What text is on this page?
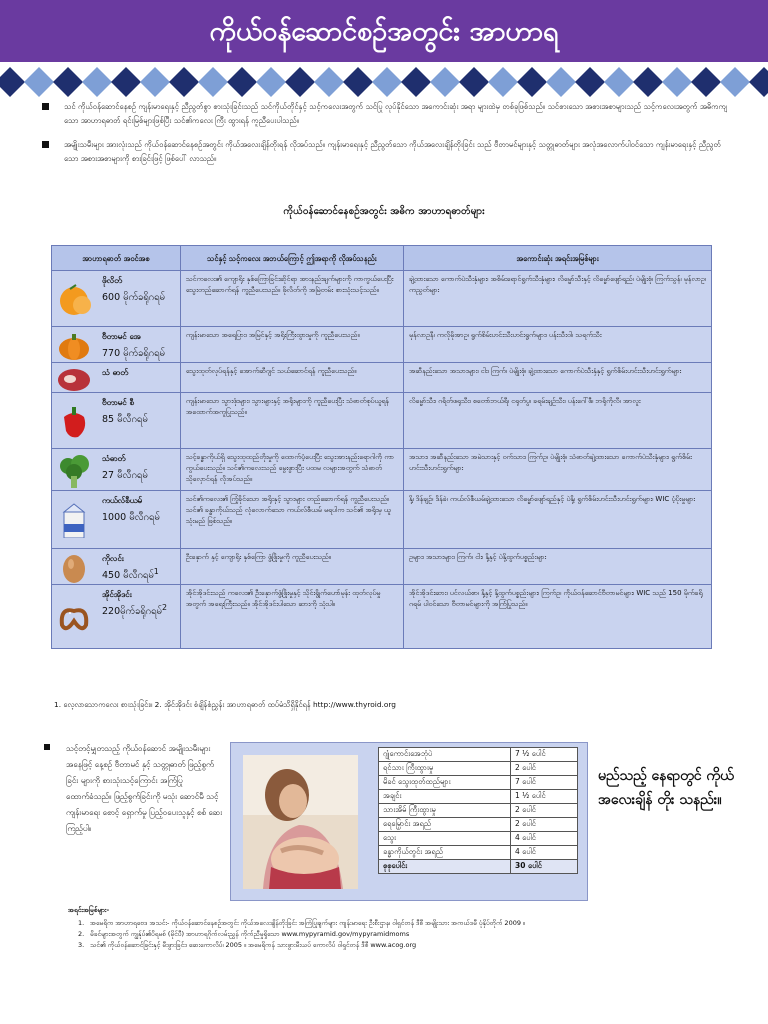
ကိုယ်ဝန်ဆောင်စဉ်အတွင်း အာဟာရ
သင် ကိုယ်ဝန်ဆောင်နေစဉ် ကျန်းမာရေးနှင့် ညီညွတ်စွာ စားသုံးခြင်းသည် သင်ကိုယ်တိုင်နှင့် သင့်ကလေးအတွက် သင်ပြု လုပ်နိုင်သော အကောင်းဆုံး အရာ များထဲမှ တစ်ခုဖြစ်သည်။ သင်စားသော အစားအစာများသည် သင့်ကလေးအတွက် အဓိကကျသော အာဟာရဓာတ် ရင်းမြစ်များဖြစ်ပြီး သင်၏ကလေး ကြီး ထွားရန် ကူညီပေးပါသည်။
အမျိုးသမီးများ အားလုံးသည် ကိုယ်ဝန်ဆောင်နေစဉ်အတွင်း ကိုယ်အလေးချိန်တိုးရန် လိုအပ်သည်။ ကျန်းမာရေးနှင့် ညီညွတ်သော ကိုယ်အလေးချိန်တိုးခြင်း သည် ဗီတာမင်များနှင့် သတ္တုဓာတ်များ အလုံအလောက်ပါဝင်သော ကျန်းမာရေးနှင့် ညီညွတ်သော အစားအစာများကို စားခြင်းဖြင့် ဖြစ်ပေါ် လာသည်။
ကိုယ်ဝန်ဆောင်နေစဉ်အတွင်း အဓိက အာဟာရဓာတ်များ
အာဟာရဓာတ် အဝင်အစ	သင်နှင့် သင့်ကလေး အဘယ်ကြောင့် ဤအရာကို လိုအပ်သနည်း	အကောင်းဆုံး အရင်းအမြစ်များ

ဖိုလိတ်
600 မိုက်ခရိုဂရမ်	သင်ကလေး၏ ကျောရိုး နှစ်ကြောခြင်းဆိုင်ရာ အားနည်းချက်များကို ကာကွယ်ပေးပြီး သွေးတည်ဆောက်ရန် ကူညီပေးသည်။ ဖိုလိတ်ကို အမြဲတမ်း စားသုံးသင့်သည်။	ချဲ့ထားသော ကောက်ပဲသီးနှံများ၊ အစိမ်းရောင်ရွက်သီးနှံများ၊ လိမ္မော်သီးနှင့် လိမ္မော်ဖျော်ရည်၊ ပဲမျိုးစုံ၊ ကြက်သွန်၊ မုန်လာဥ၊ ကညွတ်များ

ဗီတာမင် အေ
770 မိုက်ခရိုဂရမ်	ကျန်းမာသော အရေပြား၊ အမြင်နှင့် အရိုးကြီးထွားမှုကို ကူညီပေးသည်။	မုန်လာဥနီ၊ ကလိုမိုအာဥ၊ ရွက်စိမ်းဟင်းသီးဟင်းရွက်များ၊ ပန်းသီးဝါ၊ သရက်သီး

သံ ဓာတ်	သွေးထုတ်လုပ်ရန်နှင့် အောက်ဆီဂျင် သယ်ဆောင်ရန် ကူညီပေးသည်။	အဆီနည်းသော အသားများ၊ ငါး၊ ကြက်၊ ပဲမျိုးစုံ၊ ချဲ့ထားသော ကောက်ပဲသီးနှံနှင့် ရွက်စိမ်းဟင်းသီးဟင်းရွက်များ

ဗီတာမင် စီ
85 မီလီဂရမ်	ကျန်းမာသော သွားဖုံးများ၊ သွားများနှင့် အရိုးများကို ကူညီပေးပြီး သံဓာတ်စုပ်ယူရန် အထောက်အကူပြုသည်။	လိမ္မော်သီး၊ ဂရိတ်ဖရုသီး၊ စတော်ဘယ်ရီ၊ ငရုတ်ပွ၊ ခရမ်းချဉ်သီး၊ ပန်းဂေါ်ဖီ၊ ဘရိုကိုလီ၊ အာလူး

သံဓာတ်
27 မီလီဂရမ်	သင့်ခန္ဓာကိုယ်ရှိ သွေးထုထည်တိုးမှုကို ထောက်ပံ့ပေးပြီး သွေးအားနည်းရောဂါကို ကာကွယ်ပေးသည်။ သင်၏ကလေးသည် မွေးဖွားပြီး ပထမ လများအတွက် သံဓာတ်သိုလှောင်ရန် လိုအပ်သည်။	အသား၊ အဆီနည်းသော အမဲသားနှင့် ဝက်သား၊ ကြက်ဥ၊ ပဲမျိုးစုံ၊ သံဓာတ်ချဲ့ထားသော ကောက်ပဲသီးနှံများ၊ ရွက်စိမ်းဟင်းသီးဟင်းရွက်များ

ကယ်လ်စီယမ်
1000 မီလီဂရမ်	သင်၏ကလေး၏ ကြံ့ခိုင်သော အရိုးနှင့် သွားများ တည်ဆောက်ရန် ကူညီပေးသည်။ သင်၏ ခန္ဓာကိုယ်သည် လုံလောက်သော ကယ်လ်စီယမ် မရပါက သင်၏ အရိုးမှ ယူသုံးမည် ဖြစ်သည်။	နို့၊ ဒိန်ချဉ်၊ ဒိန်ခဲ၊ ကယ်လ်စီယမ်ချဲ့ထားသော လိမ္မော်ဖျော်ရည်နှင့် ပဲနို့၊ ရွက်စိမ်းဟင်းသီးဟင်းရွက်များ၊ WIC ပံ့ပိုးမှုများ

ကိုလင်း
450 မီလီဂရမ်$^1$	ဦးနှောက် နှင့် ကျောရိုး နှစ်ကြော ဖွံ့ဖြိုးမှုကို ကူညီပေးသည်။	ဥများ၊ အသားများ၊ ကြက်၊ ငါး၊ နို့နှင့် ပဲနို့ထွက်ပစ္စည်းများ

အိုင်အိုဒင်း
220မိုက်ခရိုဂရမ်$^2$	အိုင်အိုဒင်းသည် ကလေး၏ ဦးနှောက်ဖွံ့ဖြိုးမှုနှင့် သိုင်းရွိုက်ဟော်မုန်း ထုတ်လုပ်မှုအတွက် အရေးကြီးသည်။ အိုင်အိုဒင်းပါသော ဆားကို သုံးပါ။	အိုင်အိုဒင်းဆား၊ ပင်လယ်စာ၊ နို့နှင့် နို့ထွက်ပစ္စည်းများ၊ ကြက်ဥ၊ ကိုယ်ဝန်ဆောင်ဗီတာမင်များ၊ WIC သည် 150 မိုက်ခရိုဂရမ် ပါဝင်သော ဗီတာမင်များကို အကြံပြုသည်။
1. လေ့လာသောကလေး စားသုံးခြင်း။ 2. အိုင်အိုဒင်း စံချိန်စံညွှန်း အာဟာရဓာတ် ထပ်မံသိရှိနိုင်ရန် http://www.thyroid.org
သင့်တင့်မျှတသည့် ကိုယ်ဝန်ဆောင် အမျိုးသမီးများ အနေဖြင့် နေ့စဉ် ဗီတာမင် နှင့် သတ္တုဓာတ် ဖြည့်စွက်ခြင်း များကို စားသုံးသင့်ကြောင်း အကြံပြု ထောက်ခံသည်။ ဖြည့်စွက်ခြင်းကို မသုံး ဆောင်မီ သင့် ကျန်းမာရေး စောင့် ရှောက်မှု ပြည့်ဝပေးသူနှင့် စစ် ဆေးကြည့်ပါ။
ဂျုံကောင်းအေဘုံပဲ	7 ½ ပေါင်
ရင်သား ကြီးထွားမှု	2 ပေါင်
မိခင် သွေးထုတ်ထည်များ	7 ပေါင်
အချင်း	1 ½ ပေါင်
သားအိမ် ကြီးထွားမှု	2 ပေါင်
ရေမြှောင်း အရည်	2 ပေါင်
သွေး	4 ပေါင်
ခန္ဓာကိုယ်တွင်း အရည်	4 ပေါင်
စုစုပေါင်း	30 ပေါင်
မည်သည့် နေရာတွင် ကိုယ် အလေးချိန် တိုး သနည်း။
အရင်းအမြစ်များ-
1. အမေရိက အာဟာရဗေဒ အသင်း- ကိုယ်ဝန်ဆောင်နေစဉ်အတွင်း ကိုယ်အလေးချိန်တိုးခြင်း အကြံပြုချက်များ ကျန်းမာရေး ဦးစီးဌာန၊ ဝါရှင်တန် ဒီစီ အမျိုးသား အကယ်ဒမီ ပုံနှိပ်တိုက် 2009 ။
2. မိခင်များအတွက် ကျွန်ုပ်၏ပိရမစ် (မိုင်ပီ) အာဟာရဂိုက်လမ်းညွှန် ကိုက်ညီမှုရှိသော www.mypyramid.gov/mypyramidmoms
3. သင်၏ ကိုယ်ဝန်ဆောင်ခြင်းနှင့် မီးဖွားခြင်း၊ ဆေးကောလိပ်၊ 2005 ။ အမေရိကန် သားဖွားမီးယပ် ကောလိပ် ဝါရှင်တန် ဒီစီ www.acog.org
